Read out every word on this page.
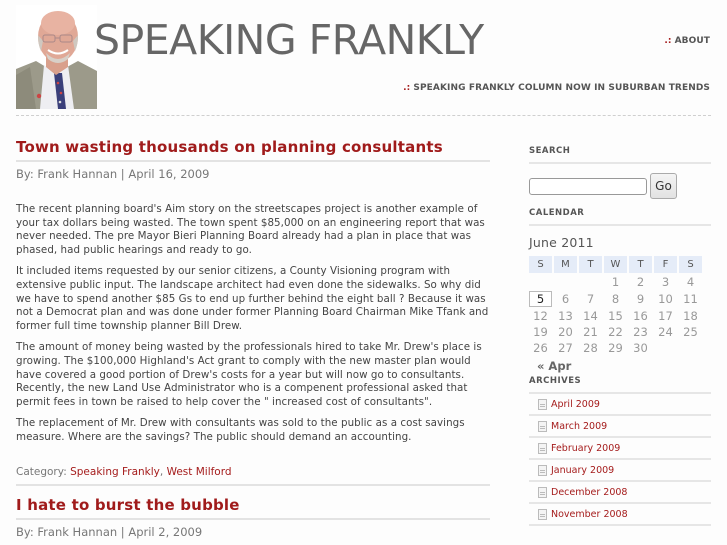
SPEAKING FRANKLY	.: ABOUT
.: SPEAKING FRANKLY COLUMN NOW IN SUBURBAN TRENDS
Town wasting thousands on planning consultants
By: Frank Hannan | April 16, 2009

The recent planning board's Aim story on the streetscapes project is another example of your tax dollars being wasted. The town spent $85,000 on an engineering report that was never needed. The pre Mayor Bieri Planning Board already had a plan in place that was phased, had public hearings and ready to go.

It included items requested by our senior citizens, a County Visioning program with extensive public input. The landscape architect had even done the sidewalks. So why did we have to spend another $85 Gs to end up further behind the eight ball ? Because it was not a Democrat plan and was done under former Planning Board Chairman Mike Tfank and former full time township planner Bill Drew.

The amount of money being wasted by the professionals hired to take Mr. Drew's place is growing. The $100,000 Highland's Act grant to comply with the new master plan would have covered a good portion of Drew's costs for a year but will now go to consultants. Recently, the new Land Use Administrator who is a compenent professional asked that permit fees in town be raised to help cover the " increased cost of consultants".

The replacement of Mr. Drew with consultants was sold to the public as a cost savings measure. Where are the savings? The public should demand an accounting.

Category: Speaking Frankly, West Milford
I hate to burst the bubble
By: Frank Hannan | April 2, 2009
SEARCH
Go
CALENDAR
June 2011
S	M	T	W	T	F	S
			1	2	3	4
5	6	7	8	9	10	11
12	13	14	15	16	17	18
19	20	21	22	23	24	25
26	27	28	29	30		
« Apr
ARCHIVES
April 2009
March 2009
February 2009
January 2009
December 2008
November 2008
